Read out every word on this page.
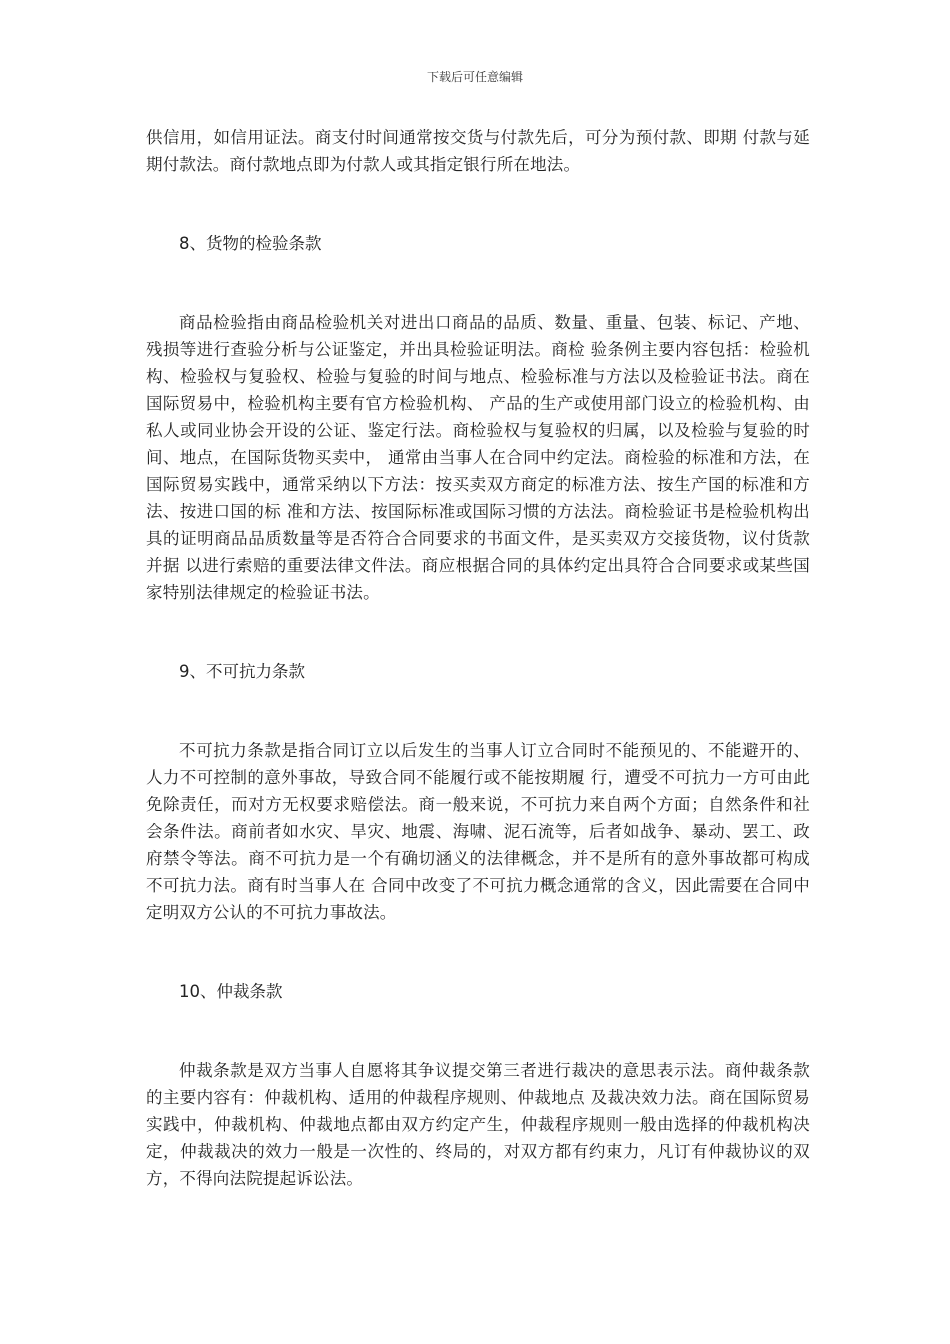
下载后可任意编辑

供信用，如信用证法。商支付时间通常按交货与付款先后，可分为预付款、即期 付款与延期付款法。商付款地点即为付款人或其指定银行所在地法。

8、货物的检验条款

商品检验指由商品检验机关对进出口商品的品质、数量、重量、包装、标记、产地、残损等进行查验分析与公证鉴定，并出具检验证明法。商检 验条例主要内容包括：检验机构、检验权与复验权、检验与复验的时间与地点、检验标准与方法以及检验证书法。商在国际贸易中，检验机构主要有官方检验机构、 产品的生产或使用部门设立的检验机构、由私人或同业协会开设的公证、鉴定行法。商检验权与复验权的归属，以及检验与复验的时间、地点，在国际货物买卖中， 通常由当事人在合同中约定法。商检验的标准和方法，在国际贸易实践中，通常采纳以下方法：按买卖双方商定的标准方法、按生产国的标准和方法、按进口国的标 准和方法、按国际标准或国际习惯的方法法。商检验证书是检验机构出具的证明商品品质数量等是否符合合同要求的书面文件，是买卖双方交接货物，议付货款并据 以进行索赔的重要法律文件法。商应根据合同的具体约定出具符合合同要求或某些国家特别法律规定的检验证书法。

9、不可抗力条款

不可抗力条款是指合同订立以后发生的当事人订立合同时不能预见的、不能避开的、人力不可控制的意外事故，导致合同不能履行或不能按期履 行，遭受不可抗力一方可由此免除责任，而对方无权要求赔偿法。商一般来说，不可抗力来自两个方面；自然条件和社会条件法。商前者如水灾、旱灾、地震、海啸、泥石流等，后者如战争、暴动、罢工、政府禁令等法。商不可抗力是一个有确切涵义的法律概念，并不是所有的意外事故都可构成不可抗力法。商有时当事人在 合同中改变了不可抗力概念通常的含义，因此需要在合同中定明双方公认的不可抗力事故法。

10、仲裁条款

仲裁条款是双方当事人自愿将其争议提交第三者进行裁决的意思表示法。商仲裁条款的主要内容有：仲裁机构、适用的仲裁程序规则、仲裁地点 及裁决效力法。商在国际贸易实践中，仲裁机构、仲裁地点都由双方约定产生，仲裁程序规则一般由选择的仲裁机构决定，仲裁裁决的效力一般是一次性的、终局的，对双方都有约束力，凡订有仲裁协议的双方，不得向法院提起诉讼法。
